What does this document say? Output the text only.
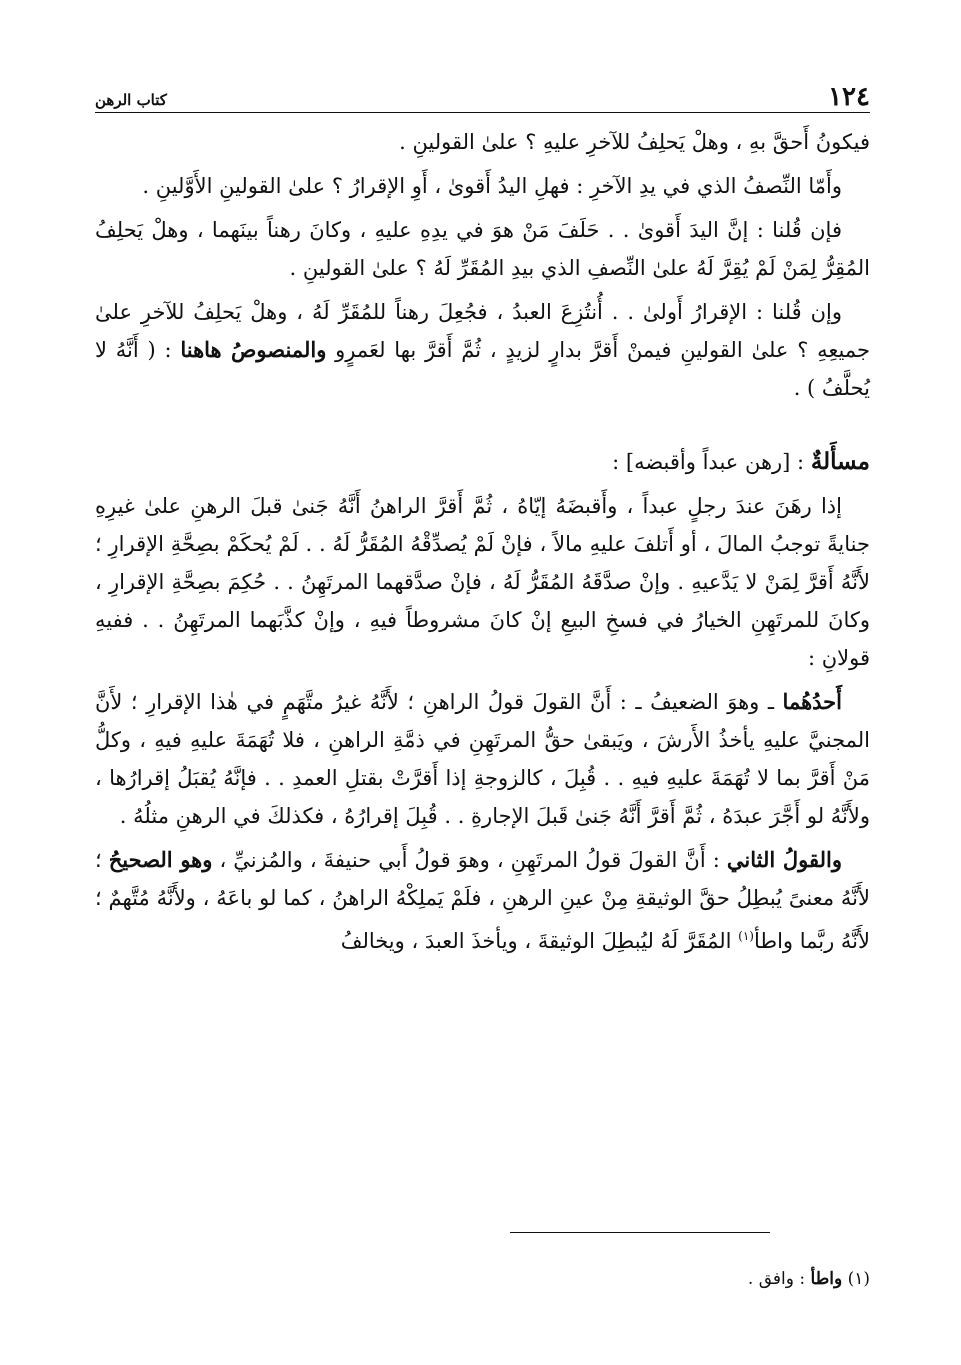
١٢٤
كتاب الرهن

فيكونُ أَحقَّ بهِ ، وهلْ يَحلِفُ للآخرِ عليهِ ؟ علىٰ القولينِ .

وأَمّا النِّصفُ الذي في يدِ الآخرِ : فهلِ اليدُ أَقوىٰ ، أَوِ الإقرارُ ؟ علىٰ القولينِ الأَوَّلينِ .

فإن قُلنا : إنَّ اليدَ أَقوىٰ . . حَلَفَ مَنْ هوَ في يدِهِ عليهِ ، وكانَ رهناً بينَهما ، وهلْ يَحلِفُ المُقِرُّ لِمَنْ لَمْ يُقِرَّ لَهُ علىٰ النِّصفِ الذي بيدِ المُقَرِّ لَهُ ؟ علىٰ القولينِ .

وإن قُلنا : الإقرارُ أَولىٰ . . أُنتُزِعَ العبدُ ، فجُعِلَ رهناً للمُقَرِّ لَهُ ، وهلْ يَحلِفُ للآخرِ علىٰ جميعِهِ ؟ علىٰ القولينِ فيمنْ أَقرَّ بدارٍ لزيدٍ ، ثُمَّ أَقرَّ بها لعَمرٍو والمنصوصُ هاهنا : ( أَنَّهُ لا يُحلَّفُ ) .

مسأَلةٌ : [رهن عبداً وأقبضه] :

إذا رهَنَ عندَ رجلٍ عبداً ، وأَقبضَهُ إيّاهُ ، ثُمَّ أَقرَّ الراهنُ أَنَّهُ جَنىٰ قبلَ الرهنِ علىٰ غيرِهِ جنايةً توجبُ المالَ ، أو أَتلفَ عليهِ مالاً ، فإنْ لَمْ يُصدِّقْهُ المُقَرُّ لَهُ . . لَمْ يُحكَمْ بصِحَّةِ الإقرارِ ؛ لأَنَّهُ أَقرَّ لِمَنْ لا يَدَّعيهِ . وإنْ صدَّقَهُ المُقَرُّ لَهُ ، فإنْ صدَّقهما المرتَهِنُ . . حُكِمَ بصِحَّةِ الإقرارِ ، وكانَ للمرتَهِنِ الخيارُ في فسخِ البيعِ إنْ كانَ مشروطاً فيهِ ، وإنْ كذَّبَهما المرتَهِنُ . . ففيهِ قولانِ :

أَحدُهُما ـ وهوَ الضعيفُ ـ : أَنَّ القولَ قولُ الراهنِ ؛ لأَنَّهُ غيرُ متَّهَمٍ في هٰذا الإقرارِ ؛ لأَنَّ المجنيَّ عليهِ يأخذُ الأَرشَ ، ويَبقىٰ حقُّ المرتَهِنِ في ذمَّةِ الراهنِ ، فلا تُهَمَةَ عليهِ فيهِ ، وكلُّ مَنْ أَقرَّ بما لا تُهَمَةَ عليهِ فيهِ . . قُبِلَ ، كالزوجةِ إذا أَقرَّتْ بقتلِ العمدِ . . فإنَّهُ يُقبَلُ إقرارُها ، ولأَنَّهُ لو أَجَّرَ عبدَهُ ، ثُمَّ أَقرَّ أَنَّهُ جَنىٰ قَبلَ الإجارةِ . . قُبِلَ إقرارُهُ ، فكذلكَ في الرهنِ مثلُهُ .

والقولُ الثاني : أَنَّ القولَ قولُ المرتَهِنِ ، وهوَ قولُ أَبي حنيفةَ ، والمُزنيِّ ، وهو الصحيحُ ؛ لأَنَّهُ معنىً يُبطِلُ حقَّ الوثيقةِ مِنْ عينِ الرهنِ ، فلَمْ يَملِكْهُ الراهنُ ، كما لو باعَهُ ، ولأَنَّهُ مُتَّهمٌ ؛ لأَنَّهُ ربَّما واطأ$^{(١)}$ المُقَرَّ لَهُ ليُبطِلَ الوثيقةَ ، ويأخذَ العبدَ ، ويخالفُ

(١) واطأ : وافق .
